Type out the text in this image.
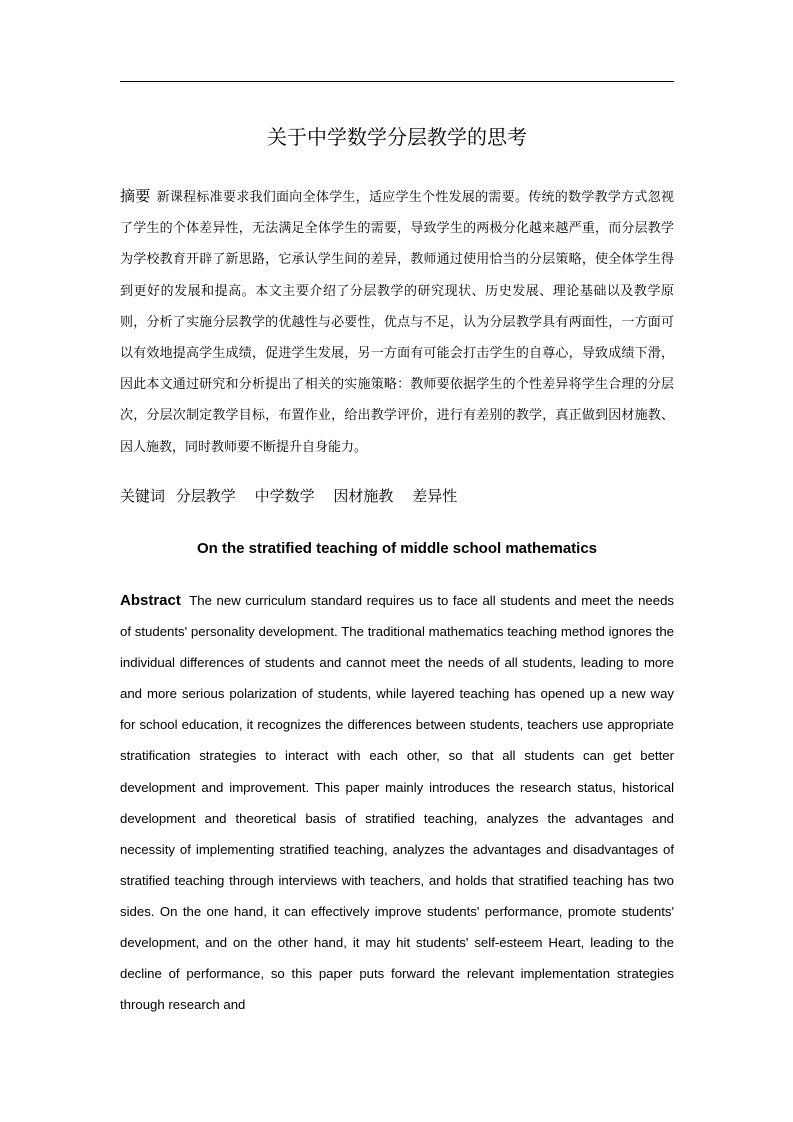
关于中学数学分层教学的思考

摘要 新课程标准要求我们面向全体学生，适应学生个性发展的需要。传统的数学教学方式忽视了学生的个体差异性，无法满足全体学生的需要，导致学生的两极分化越来越严重，而分层教学为学校教育开辟了新思路，它承认学生间的差异，教师通过使用恰当的分层策略，使全体学生得到更好的发展和提高。本文主要介绍了分层教学的研究现状、历史发展、理论基础以及教学原则，分析了实施分层教学的优越性与必要性，优点与不足，认为分层教学具有两面性，一方面可以有效地提高学生成绩，促进学生发展，另一方面有可能会打击学生的自尊心，导致成绩下滑，因此本文通过研究和分析提出了相关的实施策略：教师要依据学生的个性差异将学生合理的分层次，分层次制定教学目标，布置作业，给出教学评价，进行有差别的教学，真正做到因材施教、因人施教，同时教师要不断提升自身能力。

关键词 分层教学 中学数学 因材施教 差异性

On the stratified teaching of middle school mathematics

Abstract The new curriculum standard requires us to face all students and meet the needs of students' personality development. The traditional mathematics teaching method ignores the individual differences of students and cannot meet the needs of all students, leading to more and more serious polarization of students, while layered teaching has opened up a new way for school education, it recognizes the differences between students, teachers use appropriate stratification strategies to interact with each other, so that all students can get better development and improvement. This paper mainly introduces the research status, historical development and theoretical basis of stratified teaching, analyzes the advantages and necessity of implementing stratified teaching, analyzes the advantages and disadvantages of stratified teaching through interviews with teachers, and holds that stratified teaching has two sides. On the one hand, it can effectively improve students' performance, promote students' development, and on the other hand, it may hit students' self-esteem Heart, leading to the decline of performance, so this paper puts forward the relevant implementation strategies through research and
